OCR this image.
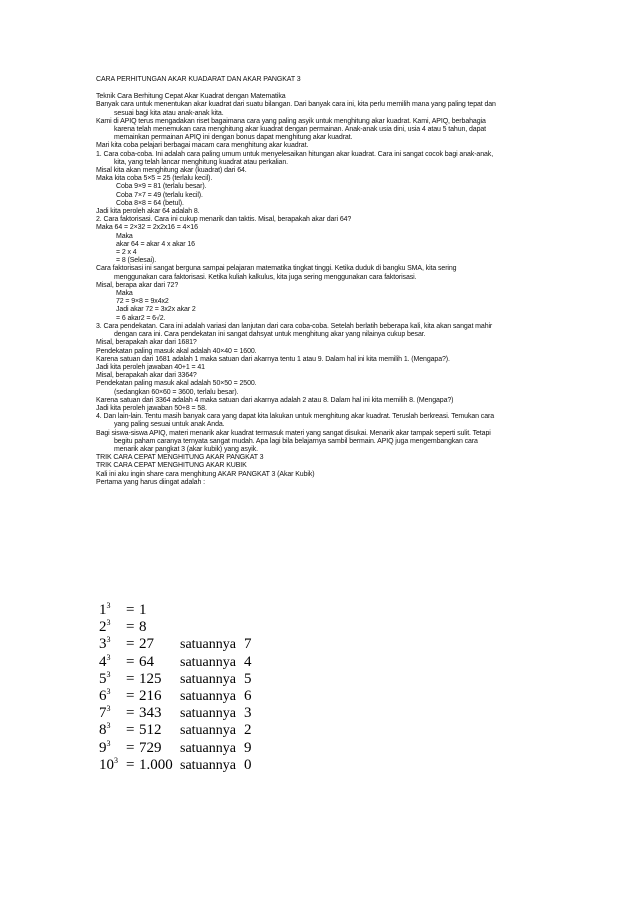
CARA PERHITUNGAN AKAR KUADARAT DAN AKAR PANGKAT 3
Teknik Cara Berhitung Cepat Akar Kuadrat dengan Matematika
Banyak cara untuk menentukan akar kuadrat dari suatu bilangan. Dari banyak cara ini, kita perlu memilih mana yang paling tepat dan
sesuai bagi kita atau anak-anak kita.
Kami di APIQ terus mengadakan riset bagaimana cara yang paling asyik untuk menghitung akar kuadrat. Kami, APIQ, berbahagia
karena telah menemukan cara menghitung akar kuadrat dengan permainan. Anak-anak usia dini, usia 4 atau 5 tahun, dapat
memainkan permainan APIQ ini dengan bonus dapat menghitung akar kuadrat.
Mari kita coba pelajari berbagai macam cara menghitung akar kuadrat.
1. Cara coba-coba. Ini adalah cara paling umum untuk menyelesaikan hitungan akar kuadrat. Cara ini sangat cocok bagi anak-anak,
kita, yang telah lancar menghitung kuadrat atau perkalian.
Misal kita akan menghitung akar (kuadrat) dari 64.
Maka kita coba 5×5 = 25 (terlalu kecil).
Coba 9×9 = 81 (terlalu besar).
Coba 7×7 = 49 (terlalu kecil).
Coba 8×8 = 64 (betul).
Jadi kita peroleh akar 64 adalah 8.
2. Cara faktorisasi. Cara ini cukup menarik dan taktis. Misal, berapakah akar dari 64?
Maka 64 = 2×32 = 2x2x16 = 4×16
Maka
akar 64 = akar 4 x akar 16
= 2 x 4
= 8 (Selesai).
Cara faktorisasi ini sangat berguna sampai pelajaran matematika tingkat tinggi. Ketika duduk di bangku SMA, kita sering
menggunakan cara faktorisasi. Ketika kuliah kalkulus, kita juga sering menggunakan cara faktorisasi.
Misal, berapa akar dari 72?
Maka
72 = 9×8 = 9x4x2
Jadi akar 72 = 3x2x akar 2
= 6 akar2 = 6√2.
3. Cara pendekatan. Cara ini adalah variasi dan lanjutan dari cara coba-coba. Setelah berlatih beberapa kali, kita akan sangat mahir
dengan cara ini. Cara pendekatan ini sangat dahsyat untuk menghitung akar yang nilainya cukup besar.
Misal, berapakah akar dari 1681?
Pendekatan paling masuk akal adalah 40×40 = 1600.
Karena satuan dari 1681 adalah 1 maka satuan dari akarnya tentu 1 atau 9. Dalam hal ini kita memilih 1. (Mengapa?).
Jadi kita peroleh jawaban 40+1 = 41
Misal, berapakah akar dari 3364?
Pendekatan paling masuk akal adalah 50×50 = 2500.
(sedangkan 60×60 = 3600, terlalu besar).
Karena satuan dari 3364 adalah 4 maka satuan dari akarnya adalah 2 atau 8. Dalam hal ini kita memilih 8. (Mengapa?)
Jadi kita peroleh jawaban 50+8 = 58.
4. Dan lain-lain. Tentu masih banyak cara yang dapat kita lakukan untuk menghitung akar kuadrat. Teruslah berkreasi. Temukan cara
yang paling sesuai untuk anak Anda.
Bagi siswa-siswa APIQ, materi menarik akar kuadrat termasuk materi yang sangat disukai. Menarik akar tampak seperti sulit. Tetapi
begitu paham caranya ternyata sangat mudah. Apa lagi bila belajarnya sambil bermain. APIQ juga mengembangkan cara
menarik akar pangkat 3 (akar kubik) yang asyik.
TRIK CARA CEPAT MENGHITUNG AKAR PANGKAT 3
TRIK CARA CEPAT MENGHITUNG AKAR KUBIK
Kali ini aku ingin share cara menghitung AKAR PANGKAT 3 (Akar Kubik)
Pertama yang harus diingat adalah :
$1^3 = 1$
$2^3 = 8$
$3^3 = 27$ satuannya 7
$4^3 = 64$ satuannya 4
$5^3 = 125$ satuannya 5
$6^3 = 216$ satuannya 6
$7^3 = 343$ satuannya 3
$8^3 = 512$ satuannya 2
$9^3 = 729$ satuannya 9
$10^3 = 1.000$ satuannya 0
